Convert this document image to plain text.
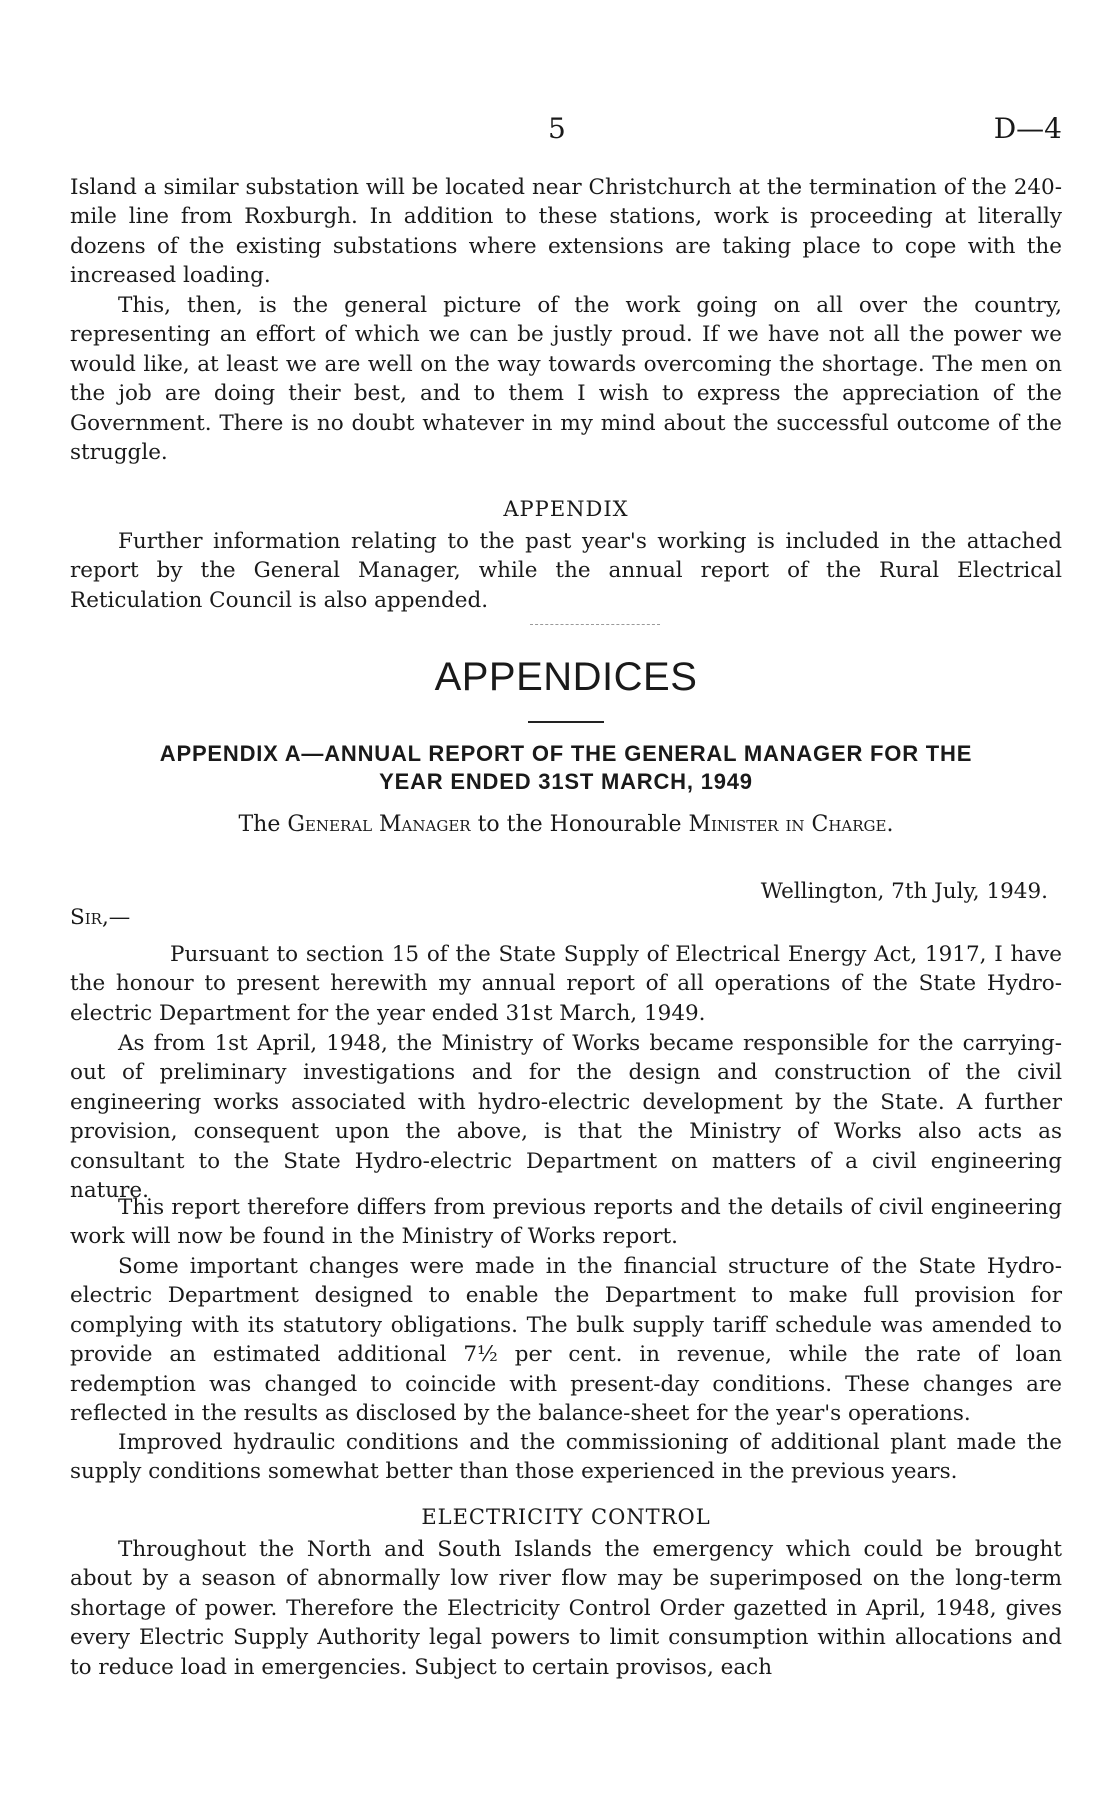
5	D—4

Island a similar substation will be located near Christchurch at the termination of the 240-mile line from Roxburgh. In addition to these stations, work is proceeding at literally dozens of the existing substations where extensions are taking place to cope with the increased loading.

This, then, is the general picture of the work going on all over the country, representing an effort of which we can be justly proud. If we have not all the power we would like, at least we are well on the way towards overcoming the shortage. The men on the job are doing their best, and to them I wish to express the appreciation of the Government. There is no doubt whatever in my mind about the successful outcome of the struggle.

APPENDIX

Further information relating to the past year's working is included in the attached report by the General Manager, while the annual report of the Rural Electrical Reticulation Council is also appended.

APPENDICES

APPENDIX A—ANNUAL REPORT OF THE GENERAL MANAGER FOR THE
YEAR ENDED 31ST MARCH, 1949

The General Manager to the Honourable Minister in Charge.

Wellington, 7th July, 1949.

Sir,—

Pursuant to section 15 of the State Supply of Electrical Energy Act, 1917, I have the honour to present herewith my annual report of all operations of the State Hydro-electric Department for the year ended 31st March, 1949.

As from 1st April, 1948, the Ministry of Works became responsible for the carrying-out of preliminary investigations and for the design and construction of the civil engineering works associated with hydro-electric development by the State. A further provision, consequent upon the above, is that the Ministry of Works also acts as consultant to the State Hydro-electric Department on matters of a civil engineering nature.

This report therefore differs from previous reports and the details of civil engineering work will now be found in the Ministry of Works report.

Some important changes were made in the financial structure of the State Hydro-electric Department designed to enable the Department to make full provision for complying with its statutory obligations. The bulk supply tariff schedule was amended to provide an estimated additional 7½ per cent. in revenue, while the rate of loan redemption was changed to coincide with present-day conditions. These changes are reflected in the results as disclosed by the balance-sheet for the year's operations.

Improved hydraulic conditions and the commissioning of additional plant made the supply conditions somewhat better than those experienced in the previous years.

ELECTRICITY CONTROL

Throughout the North and South Islands the emergency which could be brought about by a season of abnormally low river flow may be superimposed on the long-term shortage of power. Therefore the Electricity Control Order gazetted in April, 1948, gives every Electric Supply Authority legal powers to limit consumption within allocations and to reduce load in emergencies. Subject to certain provisos, each
